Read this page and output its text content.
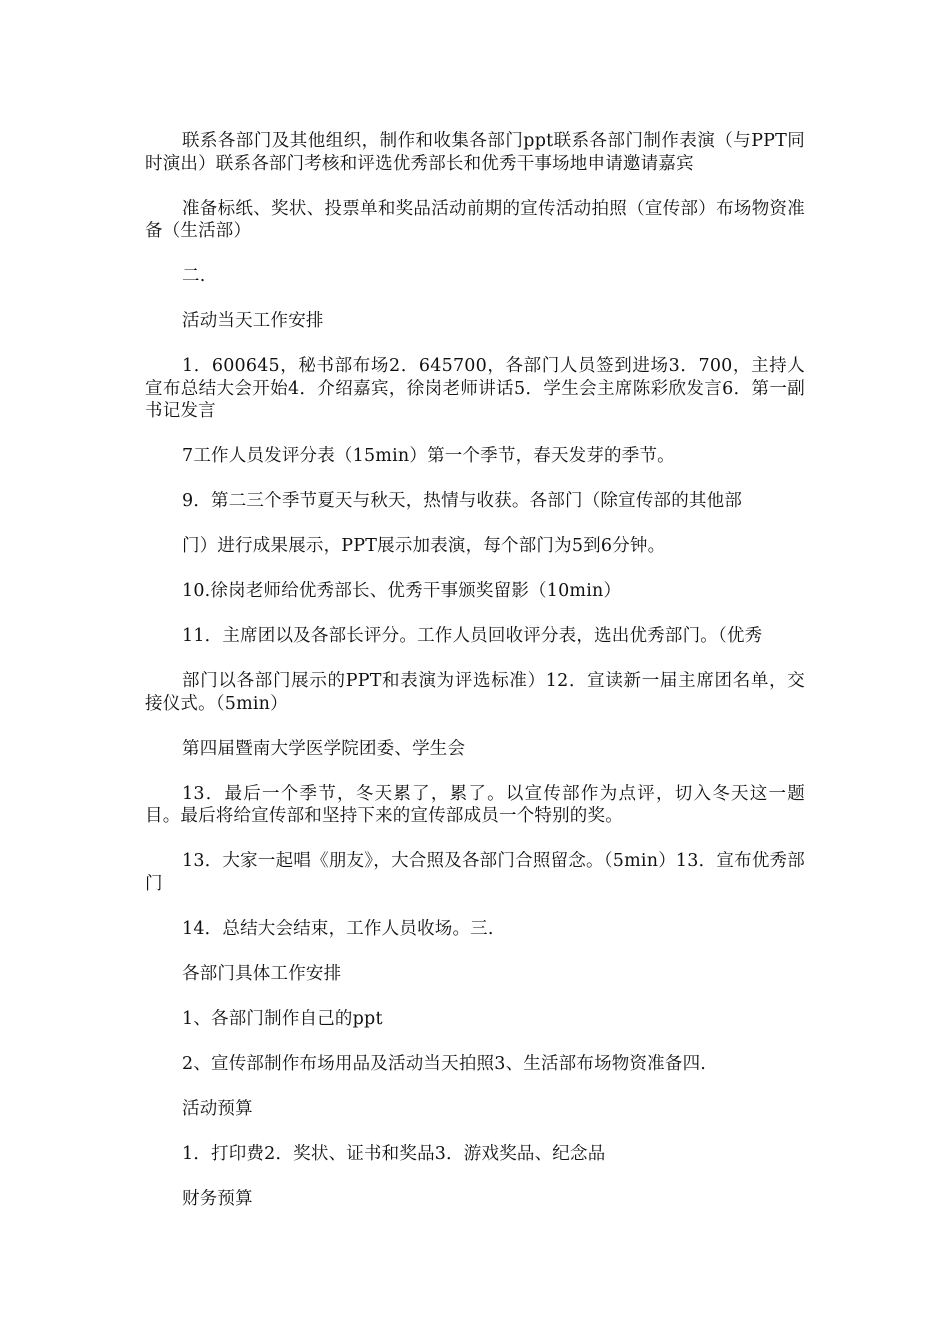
联系各部门及其他组织，制作和收集各部门ppt联系各部门制作表演（与PPT同时演出）联系各部门考核和评选优秀部长和优秀干事场地申请邀请嘉宾

准备标纸、奖状、投票单和奖品活动前期的宣传活动拍照（宣传部）布场物资准备（生活部）

二.

活动当天工作安排

1．600645，秘书部布场2．645700，各部门人员签到进场3．700，主持人宣布总结大会开始4．介绍嘉宾，徐岗老师讲话5．学生会主席陈彩欣发言6．第一副书记发言

7工作人员发评分表（15min）第一个季节，春天发芽的季节。

9．第二三个季节夏天与秋天，热情与收获。各部门（除宣传部的其他部

门）进行成果展示，PPT展示加表演，每个部门为5到6分钟。

10.徐岗老师给优秀部长、优秀干事颁奖留影（10min）

11．主席团以及各部长评分。工作人员回收评分表，选出优秀部门。（优秀

部门以各部门展示的PPT和表演为评选标准）12．宣读新一届主席团名单，交接仪式。（5min）

第四届暨南大学医学院团委、学生会

13．最后一个季节，冬天累了，累了。以宣传部作为点评，切入冬天这一题目。最后将给宣传部和坚持下来的宣传部成员一个特别的奖。

13．大家一起唱《朋友》，大合照及各部门合照留念。（5min）13．宣布优秀部门

14．总结大会结束，工作人员收场。三.

各部门具体工作安排

1、各部门制作自己的ppt

2、宣传部制作布场用品及活动当天拍照3、生活部布场物资准备四.

活动预算

1．打印费2．奖状、证书和奖品3．游戏奖品、纪念品

财务预算
